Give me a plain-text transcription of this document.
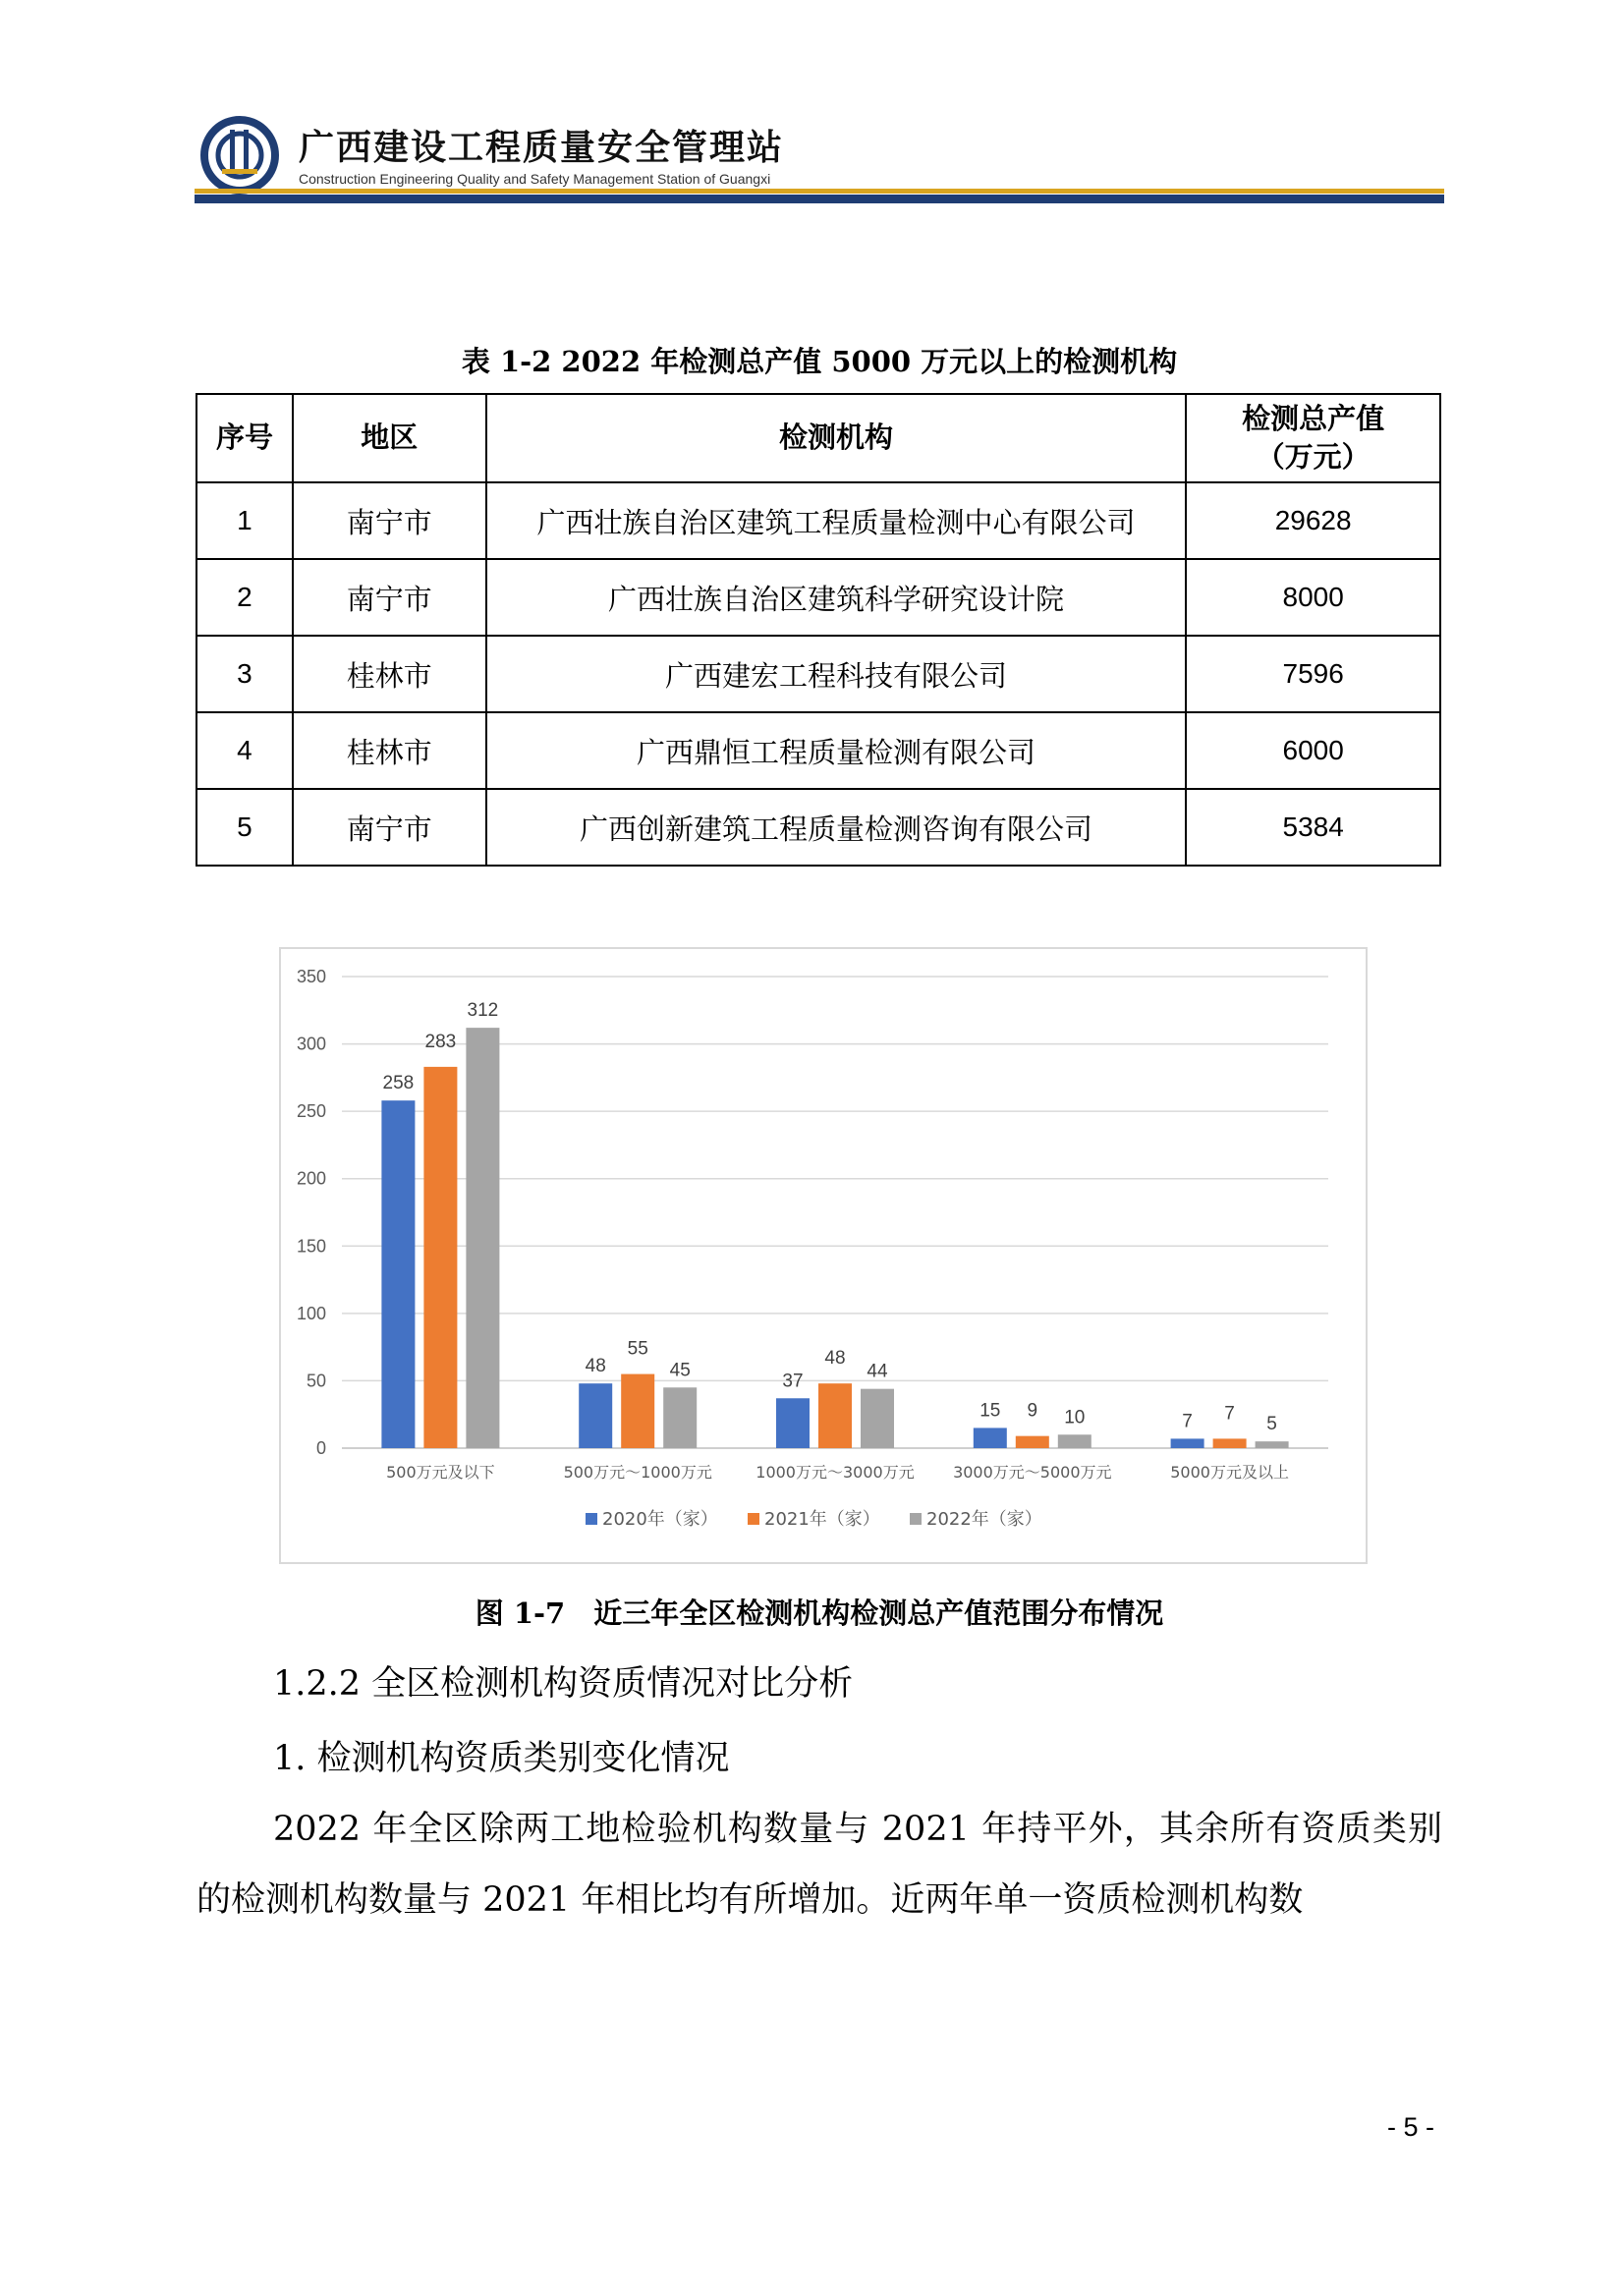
广西建设工程质量安全管理站
Construction Engineering Quality and Safety Management Station of Guangxi
表 1-2 2022 年检测总产值 5000 万元以上的检测机构
序号	地区	检测机构	检测总产值
（万元）
1	南宁市	广西壮族自治区建筑工程质量检测中心有限公司	29628
2	南宁市	广西壮族自治区建筑科学研究设计院	8000
3	桂林市	广西建宏工程科技有限公司	7596
4	桂林市	广西鼎恒工程质量检测有限公司	6000
5	南宁市	广西创新建筑工程质量检测咨询有限公司	5384
0
50
100
150
200
250
300
350
258
283
312
500万元及以下
48
55
45
500万元～1000万元
37
48
44
1000万元～3000万元
15 9 10
3000万元～5000万元
7 7
5
5000万元及以上
2020年（家）	2021年（家）	2022年（家）
图 1-7　近三年全区检测机构检测总产值范围分布情况
1.2.2 全区检测机构资质情况对比分析
1. 检测机构资质类别变化情况
2022 年全区除两工地检验机构数量与 2021 年持平外，其余所有资质类别的检测机构数量与 2021 年相比均有所增加。近两年单一资质检测机构数
- 5 -
